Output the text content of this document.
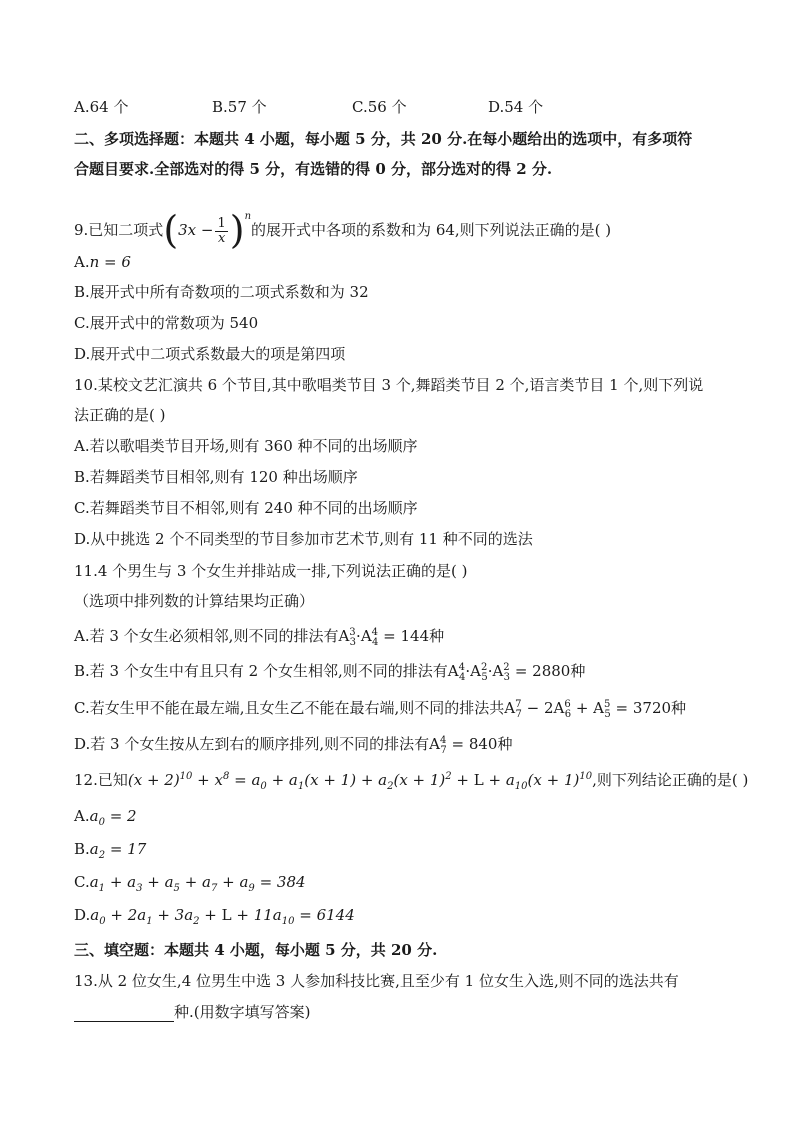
A.64 个	B.57 个	C.56 个	D.54 个
二、多项选择题：本题共 4 小题，每小题 5 分，共 20 分.在每小题给出的选项中，有多项符
合题目要求.全部选对的得 5 分，有选错的得 0 分，部分选对的得 2 分.
9.已知二项式$(3x - \frac{1}{x} )^n$的展开式中各项的系数和为 64,则下列说法正确的是( )
A.n = 6
B.展开式中所有奇数项的二项式系数和为 32
C.展开式中的常数项为 540
D.展开式中二项式系数最大的项是第四项
10.某校文艺汇演共 6 个节目,其中歌唱类节目 3 个,舞蹈类节目 2 个,语言类节目 1 个,则下列说
法正确的是( )
A.若以歌唱类节目开场,则有 360 种不同的出场顺序
B.若舞蹈类节目相邻,则有 120 种出场顺序
C.若舞蹈类节目不相邻,则有 240 种不同的出场顺序
D.从中挑选 2 个不同类型的节目参加市艺术节,则有 11 种不同的选法
11.4 个男生与 3 个女生并排站成一排,下列说法正确的是( )
（选项中排列数的计算结果均正确）
A.若 3 个女生必须相邻,则不同的排法有$A^3_3\cdot A^4_4 = 144$种
B.若 3 个女生中有且只有 2 个女生相邻,则不同的排法有$A^4_4\cdot A^2_5\cdot A^2_3 = 2880$种
C.若女生甲不能在最左端,且女生乙不能在最右端,则不同的排法共$A^7_7 - 2A^6_6 + A^5_5 = 3720$种
D.若 3 个女生按从左到右的顺序排列,则不同的排法有$A^4_7 = 840$种
12.已知$(x + 2)^{10} + x^8 = a_0 + a_1(x + 1) + a_2(x + 1)^2 + L + a_{10}(x + 1)^{10}$,则下列结论正确的是( )
$A.a_0 = 2$
$B.a_2 = 17$
$C.a_1 + a_3 + a_5 + a_7 + a_9 = 384$
$D.a_0 + 2a_1 + 3a_2 + L + 11a_{10} = 6144$
三、填空题：本题共 4 小题，每小题 5 分，共 20 分.
13.从 2 位女生,4 位男生中选 3 人参加科技比赛,且至少有 1 位女生入选,则不同的选法共有
种.(用数字填写答案)
